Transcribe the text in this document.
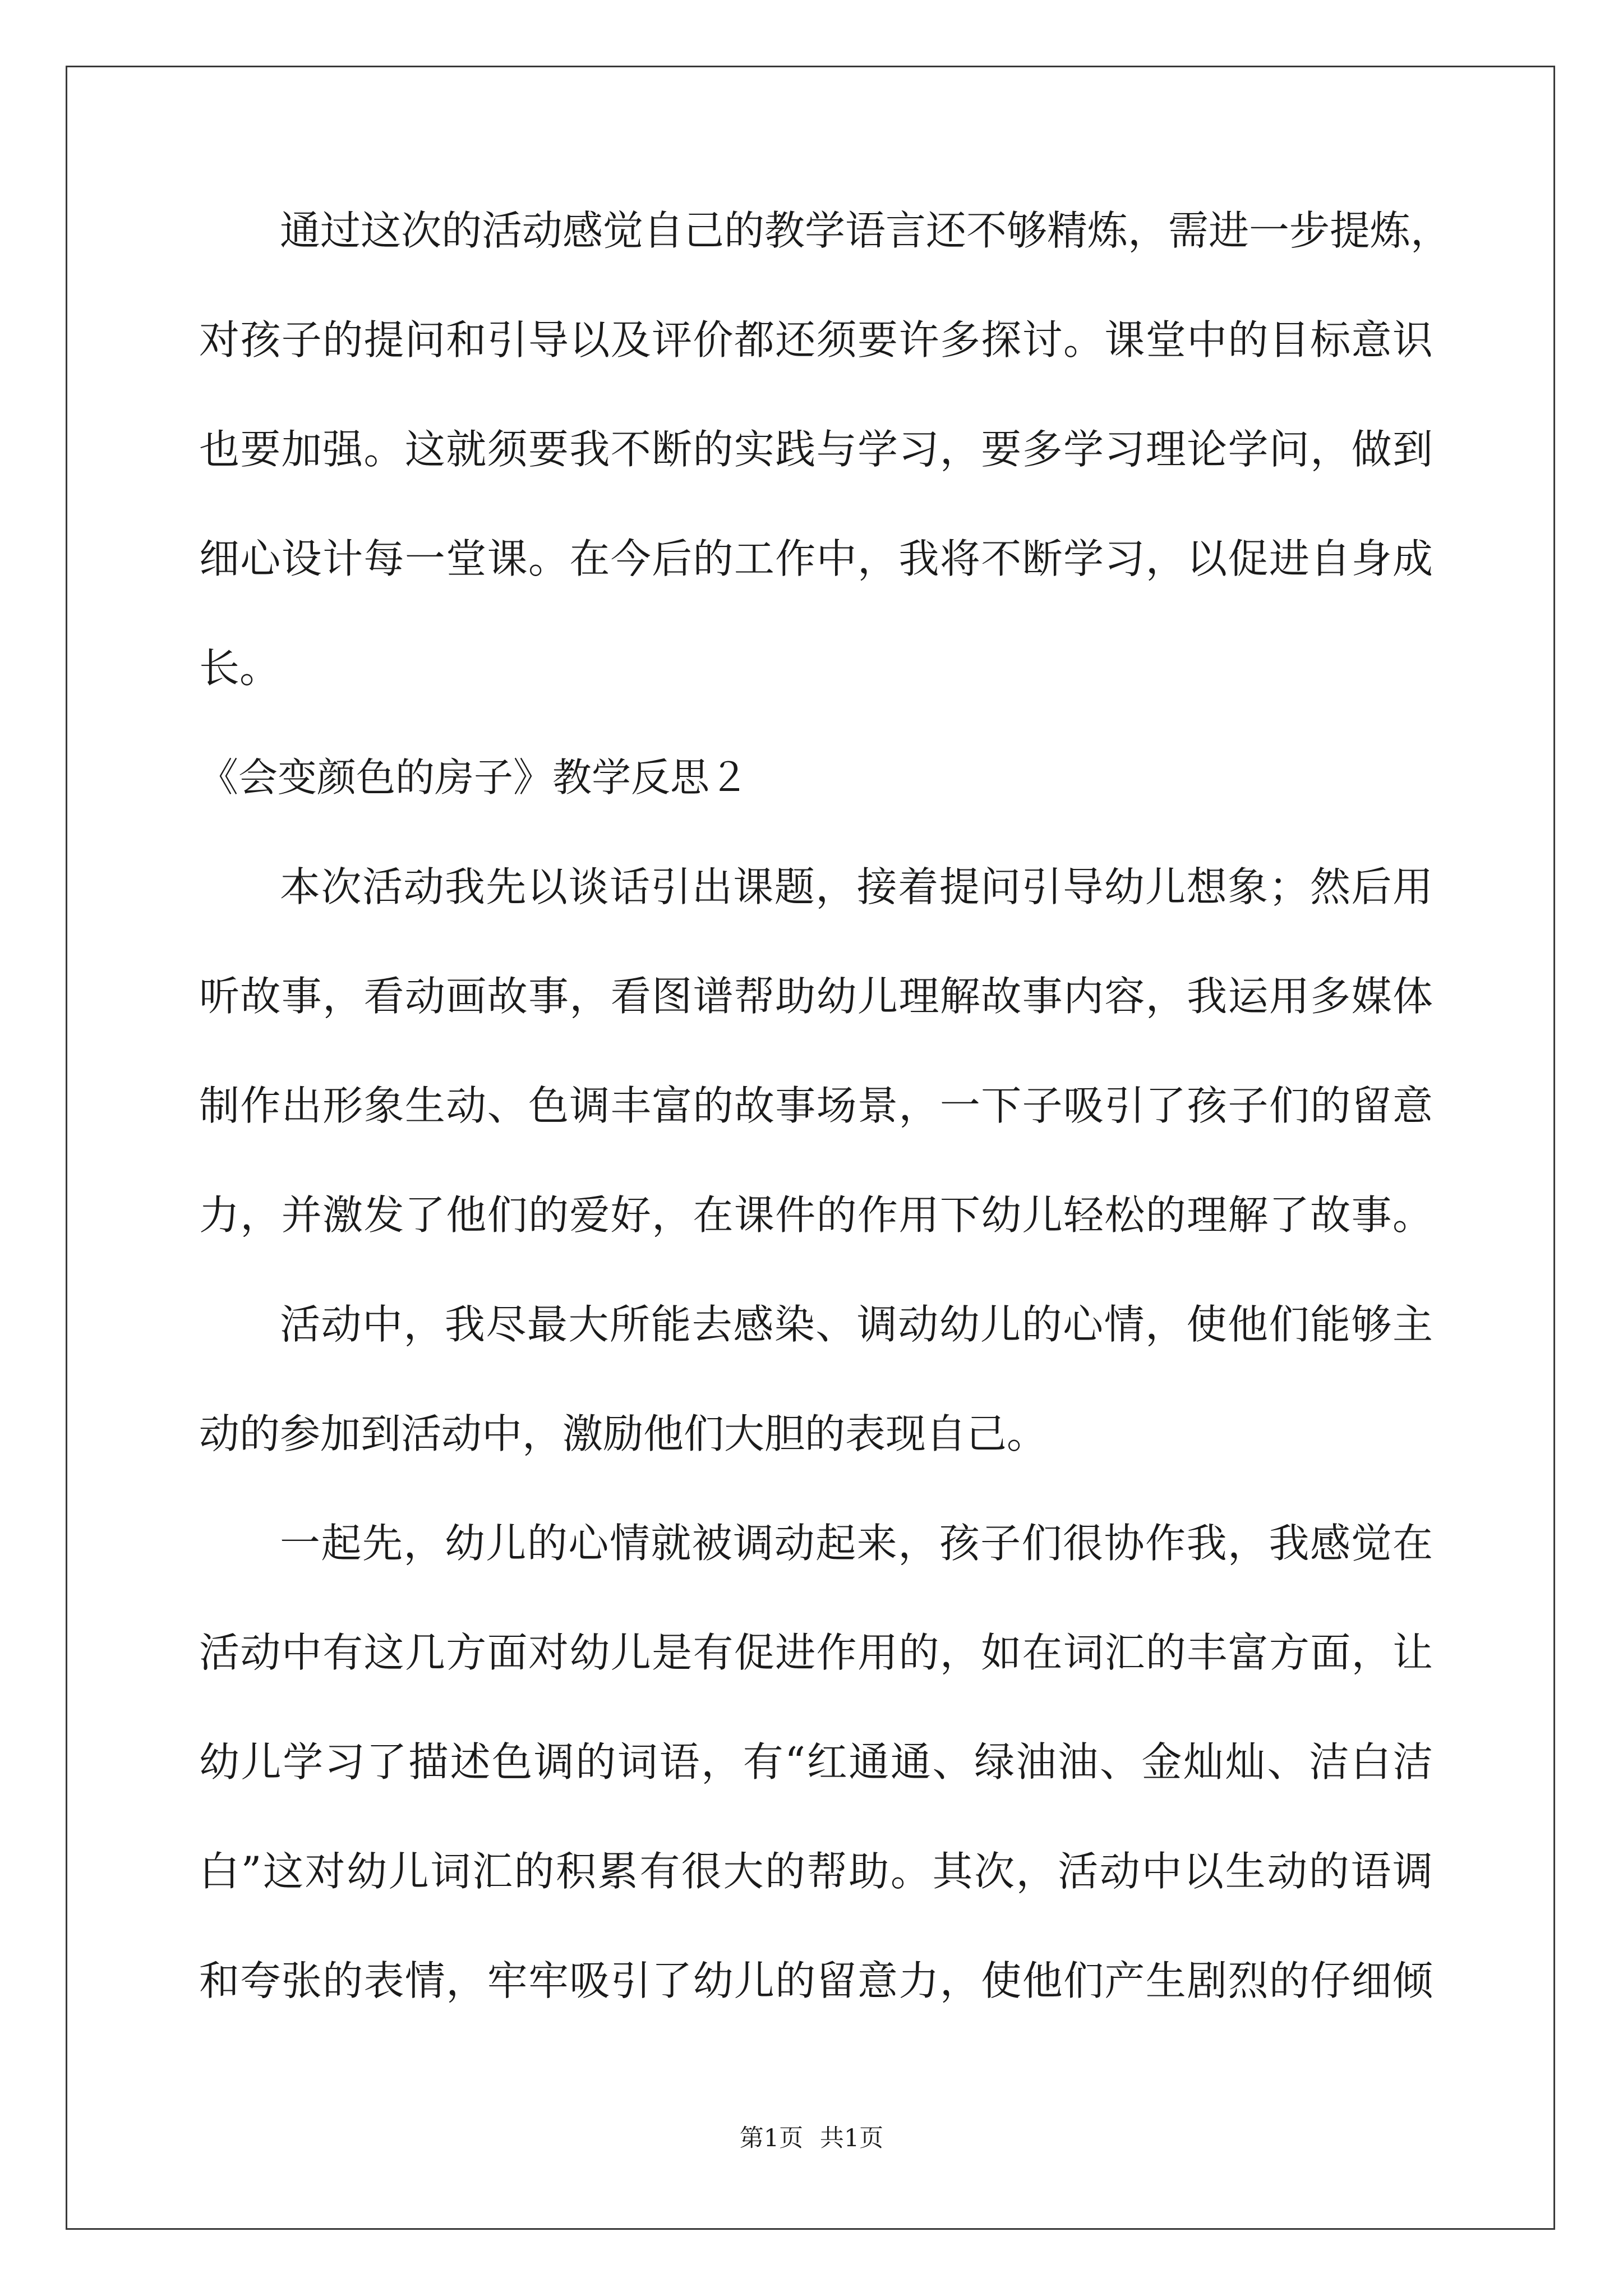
通过这次的活动感觉自己的教学语言还不够精炼，需进一步提炼，
对孩子的提问和引导以及评价都还须要许多探讨。课堂中的目标意识
也要加强。这就须要我不断的实践与学习，要多学习理论学问，做到
细心设计每一堂课。在今后的工作中，我将不断学习，以促进自身成
长。
《会变颜色的房子》教学反思２
本次活动我先以谈话引出课题，接着提问引导幼儿想象；然后用
听故事，看动画故事，看图谱帮助幼儿理解故事内容，我运用多媒体
制作出形象生动、色调丰富的故事场景，一下子吸引了孩子们的留意
力，并激发了他们的爱好，在课件的作用下幼儿轻松的理解了故事。
活动中，我尽最大所能去感染、调动幼儿的心情，使他们能够主
动的参加到活动中，激励他们大胆的表现自己。
一起先，幼儿的心情就被调动起来，孩子们很协作我，我感觉在
活动中有这几方面对幼儿是有促进作用的，如在词汇的丰富方面，让
幼儿学习了描述色调的词语，有“红通通、绿油油、金灿灿、洁白洁
白”这对幼儿词汇的积累有很大的帮助。其次，活动中以生动的语调
和夸张的表情，牢牢吸引了幼儿的留意力，使他们产生剧烈的仔细倾
第1页 共1页
